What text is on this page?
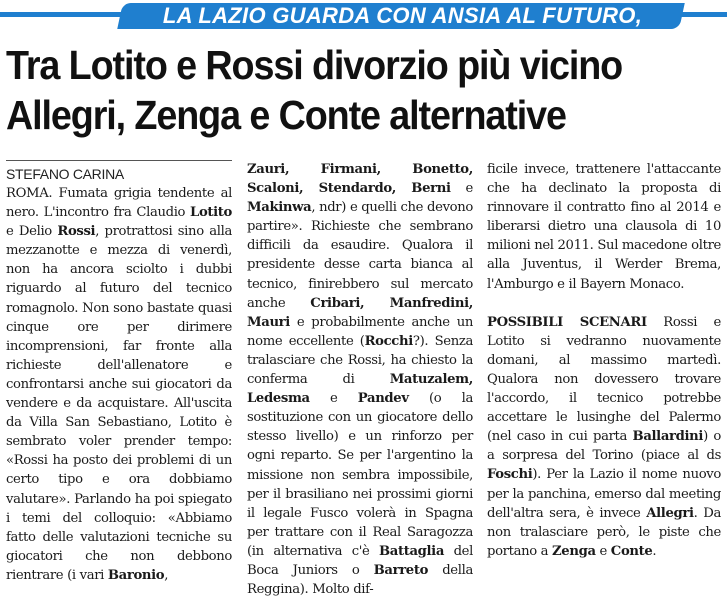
LA LAZIO GUARDA CON ANSIA AL FUTURO,
Tra Lotito e Rossi divorzio più vicino
Allegri, Zenga e Conte alternative
STEFANO CARINA

ROMA. Fumata grigia tendente al nero. L'incontro fra Claudio Lotito e Delio Rossi, protrattosi sino alla mezzanotte e mezza di venerdì, non ha ancora sciolto i dubbi riguardo al futuro del tecnico romagnolo. Non sono bastate quasi cinque ore per dirimere incomprensioni, far fronte alla richieste dell'allenatore e confrontarsi anche sui giocatori da vendere e da acquistare. All'uscita da Villa San Sebastiano, Lotito è sembrato voler prender tempo: «Rossi ha posto dei problemi di un certo tipo e ora dobbiamo valutare». Parlando ha poi spiegato i temi del colloquio: «Abbiamo fatto delle valutazioni tecniche su giocatori che non debbono rientrare (i vari Baronio,

Zauri, Firmani, Bonetto, Scaloni, Stendardo, Berni e Makinwa, ndr) e quelli che devono partire». Richieste che sembrano difficili da esaudire. Qualora il presidente desse carta bianca al tecnico, finirebbero sul mercato anche Cribari, Manfredini, Mauri e probabilmente anche un nome eccellente (Rocchi?). Senza tralasciare che Rossi, ha chiesto la conferma di Matuzalem, Ledesma e Pandev (o la sostituzione con un giocatore dello stesso livello) e un rinforzo per ogni reparto. Se per l'argentino la missione non sembra impossibile, per il brasiliano nei prossimi giorni il legale Fusco volerà in Spagna per trattare con il Real Saragozza (in alternativa c'è Battaglia del Boca Juniors o Barreto della Reggina). Molto dif-

ficile invece, trattenere l'attaccante che ha declinato la proposta di rinnovare il contratto fino al 2014 e liberarsi dietro una clausola di 10 milioni nel 2011. Sul macedone oltre alla Juventus, il Werder Brema, l'Amburgo e il Bayern Monaco.

POSSIBILI SCENARI Rossi e Lotito si vedranno nuovamente domani, al massimo martedì. Qualora non dovessero trovare l'accordo, il tecnico potrebbe accettare le lusinghe del Palermo (nel caso in cui parta Ballardini) o a sorpresa del Torino (piace al ds Foschi). Per la Lazio il nome nuovo per la panchina, emerso dal meeting dell'altra sera, è invece Allegri. Da non tralasciare però, le piste che portano a Zenga e Conte.
